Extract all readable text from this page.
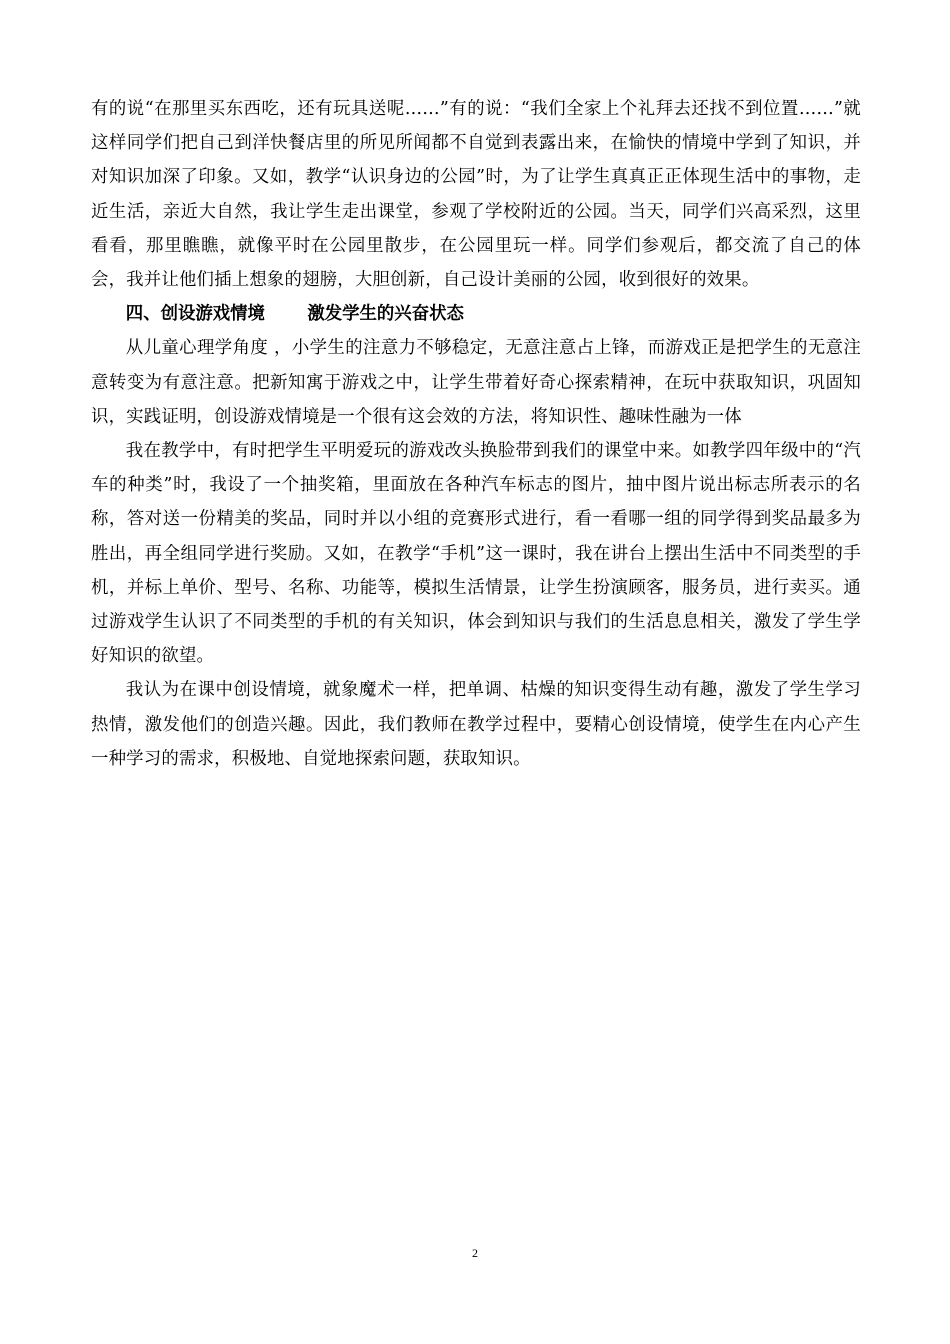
有的说“在那里买东西吃，还有玩具送呢……”有的说：“我们全家上个礼拜去还找不到位置……”就这样同学们把自己到洋快餐店里的所见所闻都不自觉到表露出来，在愉快的情境中学到了知识，并对知识加深了印象。又如，教学“认识身边的公园”时，为了让学生真真正正体现生活中的事物，走近生活，亲近大自然，我让学生走出课堂，参观了学校附近的公园。当天，同学们兴高采烈，这里看看，那里瞧瞧，就像平时在公园里散步，在公园里玩一样。同学们参观后，都交流了自己的体会，我并让他们插上想象的翅膀，大胆创新，自己设计美丽的公园，收到很好的效果。

四、创设游戏情境 激发学生的兴奋状态

从儿童心理学角度 ，小学生的注意力不够稳定，无意注意占上锋，而游戏正是把学生的无意注意转变为有意注意。把新知寓于游戏之中，让学生带着好奇心探索精神，在玩中获取知识，巩固知识，实践证明，创设游戏情境是一个很有这会效的方法，将知识性、趣味性融为一体

我在教学中，有时把学生平明爱玩的游戏改头换脸带到我们的课堂中来。如教学四年级中的“汽车的种类”时，我设了一个抽奖箱，里面放在各种汽车标志的图片，抽中图片说出标志所表示的名称，答对送一份精美的奖品，同时并以小组的竞赛形式进行，看一看哪一组的同学得到奖品最多为胜出，再全组同学进行奖励。又如，在教学“手机”这一课时，我在讲台上摆出生活中不同类型的手机，并标上单价、型号、名称、功能等，模拟生活情景，让学生扮演顾客，服务员，进行卖买。通过游戏学生认识了不同类型的手机的有关知识，体会到知识与我们的生活息息相关，激发了学生学好知识的欲望。

我认为在课中创设情境，就象魔术一样，把单调、枯燥的知识变得生动有趣，激发了学生学习热情，激发他们的创造兴趣。因此，我们教师在教学过程中，要精心创设情境，使学生在内心产生一种学习的需求，积极地、自觉地探索问题，获取知识。

2
